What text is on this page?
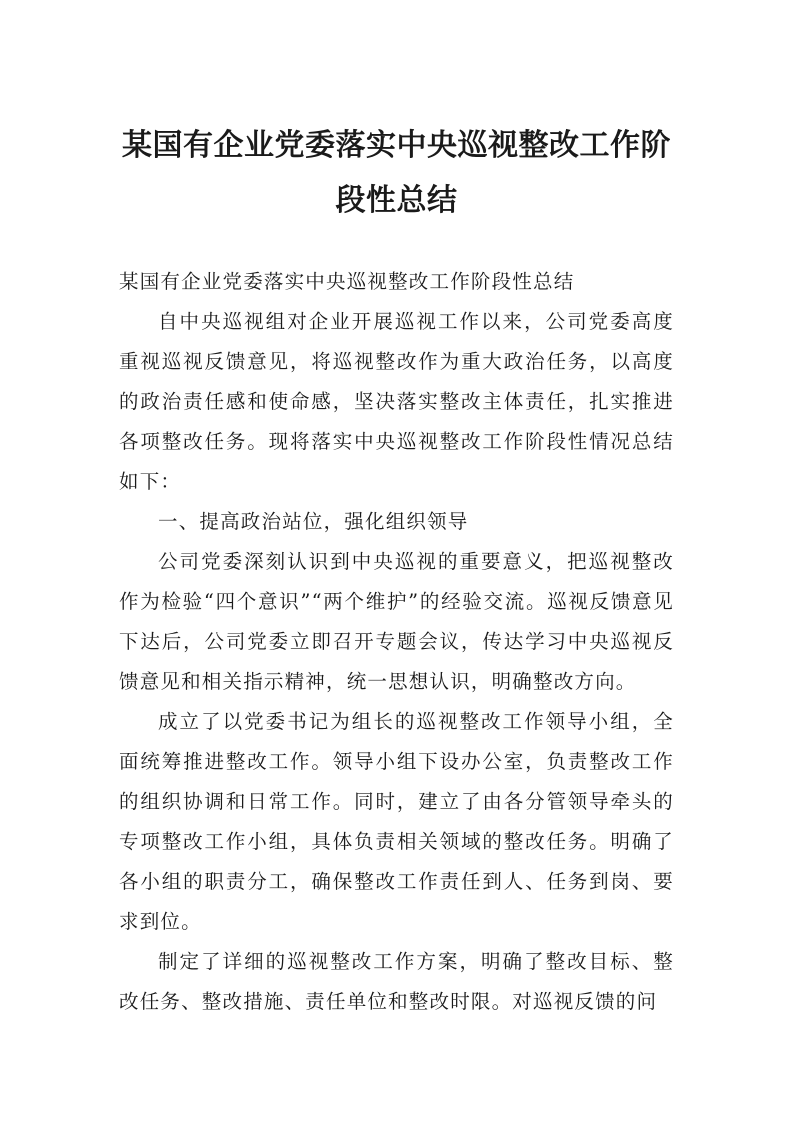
某国有企业党委落实中央巡视整改工作阶段性总结

某国有企业党委落实中央巡视整改工作阶段性总结

自中央巡视组对企业开展巡视工作以来，公司党委高度重视巡视反馈意见，将巡视整改作为重大政治任务，以高度的政治责任感和使命感，坚决落实整改主体责任，扎实推进各项整改任务。现将落实中央巡视整改工作阶段性情况总结如下：

一、提高政治站位，强化组织领导

公司党委深刻认识到中央巡视的重要意义，把巡视整改作为检验“四个意识”“两个维护”的经验交流。巡视反馈意见下达后，公司党委立即召开专题会议，传达学习中央巡视反馈意见和相关指示精神，统一思想认识，明确整改方向。

成立了以党委书记为组长的巡视整改工作领导小组，全面统筹推进整改工作。领导小组下设办公室，负责整改工作的组织协调和日常工作。同时，建立了由各分管领导牵头的专项整改工作小组，具体负责相关领域的整改任务。明确了各小组的职责分工，确保整改工作责任到人、任务到岗、要求到位。

制定了详细的巡视整改工作方案，明确了整改目标、整改任务、整改措施、责任单位和整改时限。对巡视反馈的问
